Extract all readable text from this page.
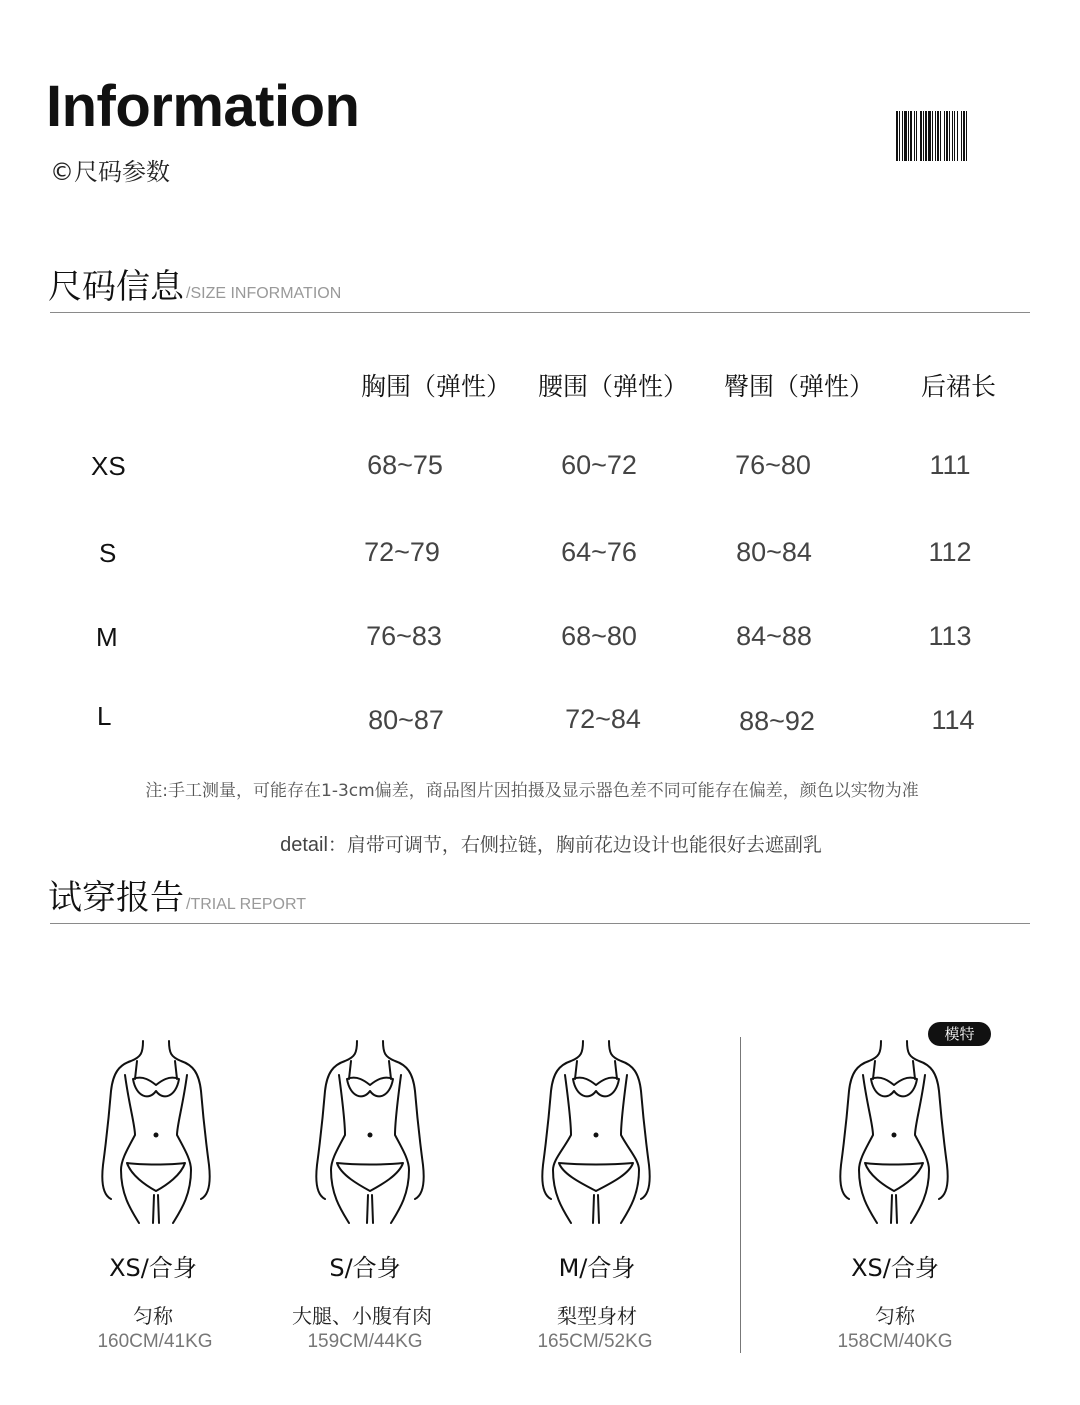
Information
©尺码参数
尺码信息 /SIZE INFORMATION
胸围（弹性） 腰围（弹性） 臀围（弹性） 后裙长
XS	68~75	60~72	76~80	111
S	72~79	64~76	80~84	112
M	76~83	68~80	84~88	113
L	80~87	72~84	88~92	114
注:手工测量，可能存在1-3cm偏差，商品图片因拍摄及显示器色差不同可能存在偏差，颜色以实物为准
detail：肩带可调节，右侧拉链，胸前花边设计也能很好去遮副乳
试穿报告 /TRIAL REPORT
模特
XS/合身
匀称
160CM/41KG
S/合身
大腿、小腹有肉
159CM/44KG
M/合身
梨型身材
165CM/52KG
XS/合身
匀称
158CM/40KG
